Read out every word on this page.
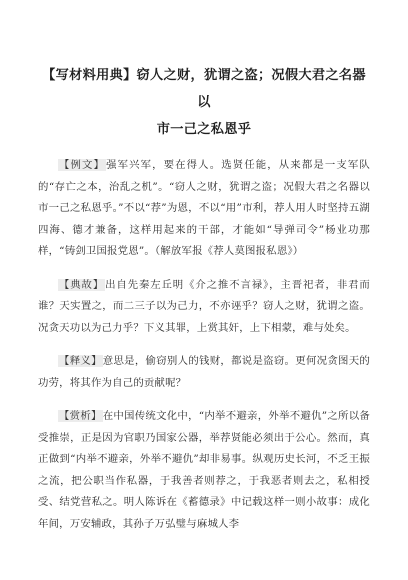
【写材料用典】窃人之财，犹谓之盗；况假大君之名器以
市一己之私恩乎

【例文】强军兴军，要在得人。选贤任能，从来都是一支军队的“存亡之本，治乱之机”。“窃人之财，犹谓之盗；况假大君之名器以市一己之私恩乎。”不以“荐”为恩，不以“用”市利，荐人用人时坚持五湖四海、德才兼备，这样用起来的干部，才能如“导弹司令”杨业功那样，“铸剑卫国报党恩”。（解放军报《荐人莫图报私恩》）

【典故】出自先秦左丘明《介之推不言禄》，主晋祀者，非君而谁？天实置之，而二三子以为己力，不亦诬乎？窃人之财，犹谓之盗。况贪天功以为己力乎？下义其罪，上赏其奸，上下相蒙，难与处矣。

【释义】意思是，偷窃别人的钱财，都说是盗窃。更何况贪图天的功劳，将其作为自己的贡献呢？

【赏析】在中国传统文化中，“内举不避亲，外举不避仇”之所以备受推崇，正是因为官职乃国家公器，举荐贤能必须出于公心。然而，真正做到“内举不避亲，外举不避仇”却非易事。纵观历史长河，不乏王振之流，把公职当作私器，于我善者则荐之，于我恶者则去之，私相授受、结党营私之。明人陈诉在《蓄德录》中记载这样一则小故事：成化年间，万安辅政，其孙子万弘璧与麻城人李
